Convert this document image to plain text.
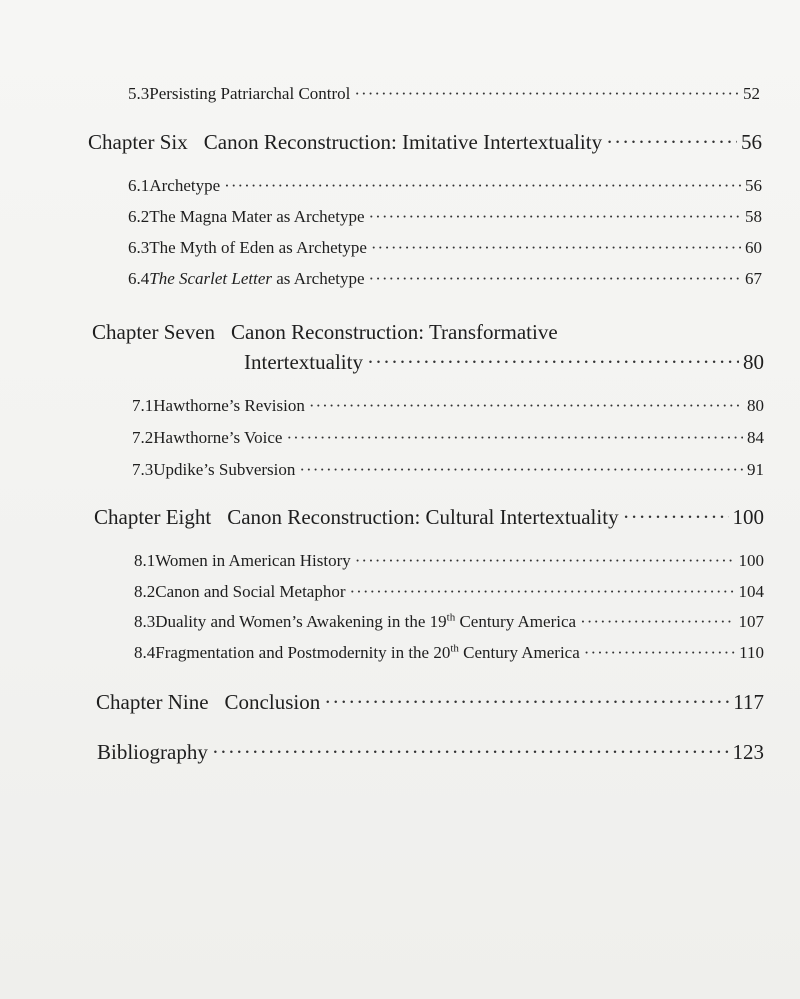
5.3 Persisting Patriarchal Control ·····	52
Chapter Six Canon Reconstruction: Imitative Intertextuality ·····	56
6.1 Archetype ·····	56
6.2 The Magna Mater as Archetype ·····	58
6.3 The Myth of Eden as Archetype ·····	60
6.4 The Scarlet Letter as Archetype ·····	67
Chapter Seven Canon Reconstruction: Transformative
Intertextuality ·····	80
7.1 Hawthorne’s Revision ·····	80
7.2 Hawthorne’s Voice ·····	84
7.3 Updike’s Subversion ·····	91
Chapter Eight Canon Reconstruction: Cultural Intertextuality ·····	100
8.1 Women in American History ·····	100
8.2 Canon and Social Metaphor ·····	104
8.3 Duality and Women’s Awakening in the 19th Century America ·····	107
8.4 Fragmentation and Postmodernity in the 20th Century America ·····	110
Chapter Nine Conclusion ·····	117
Bibliography ·····	123
